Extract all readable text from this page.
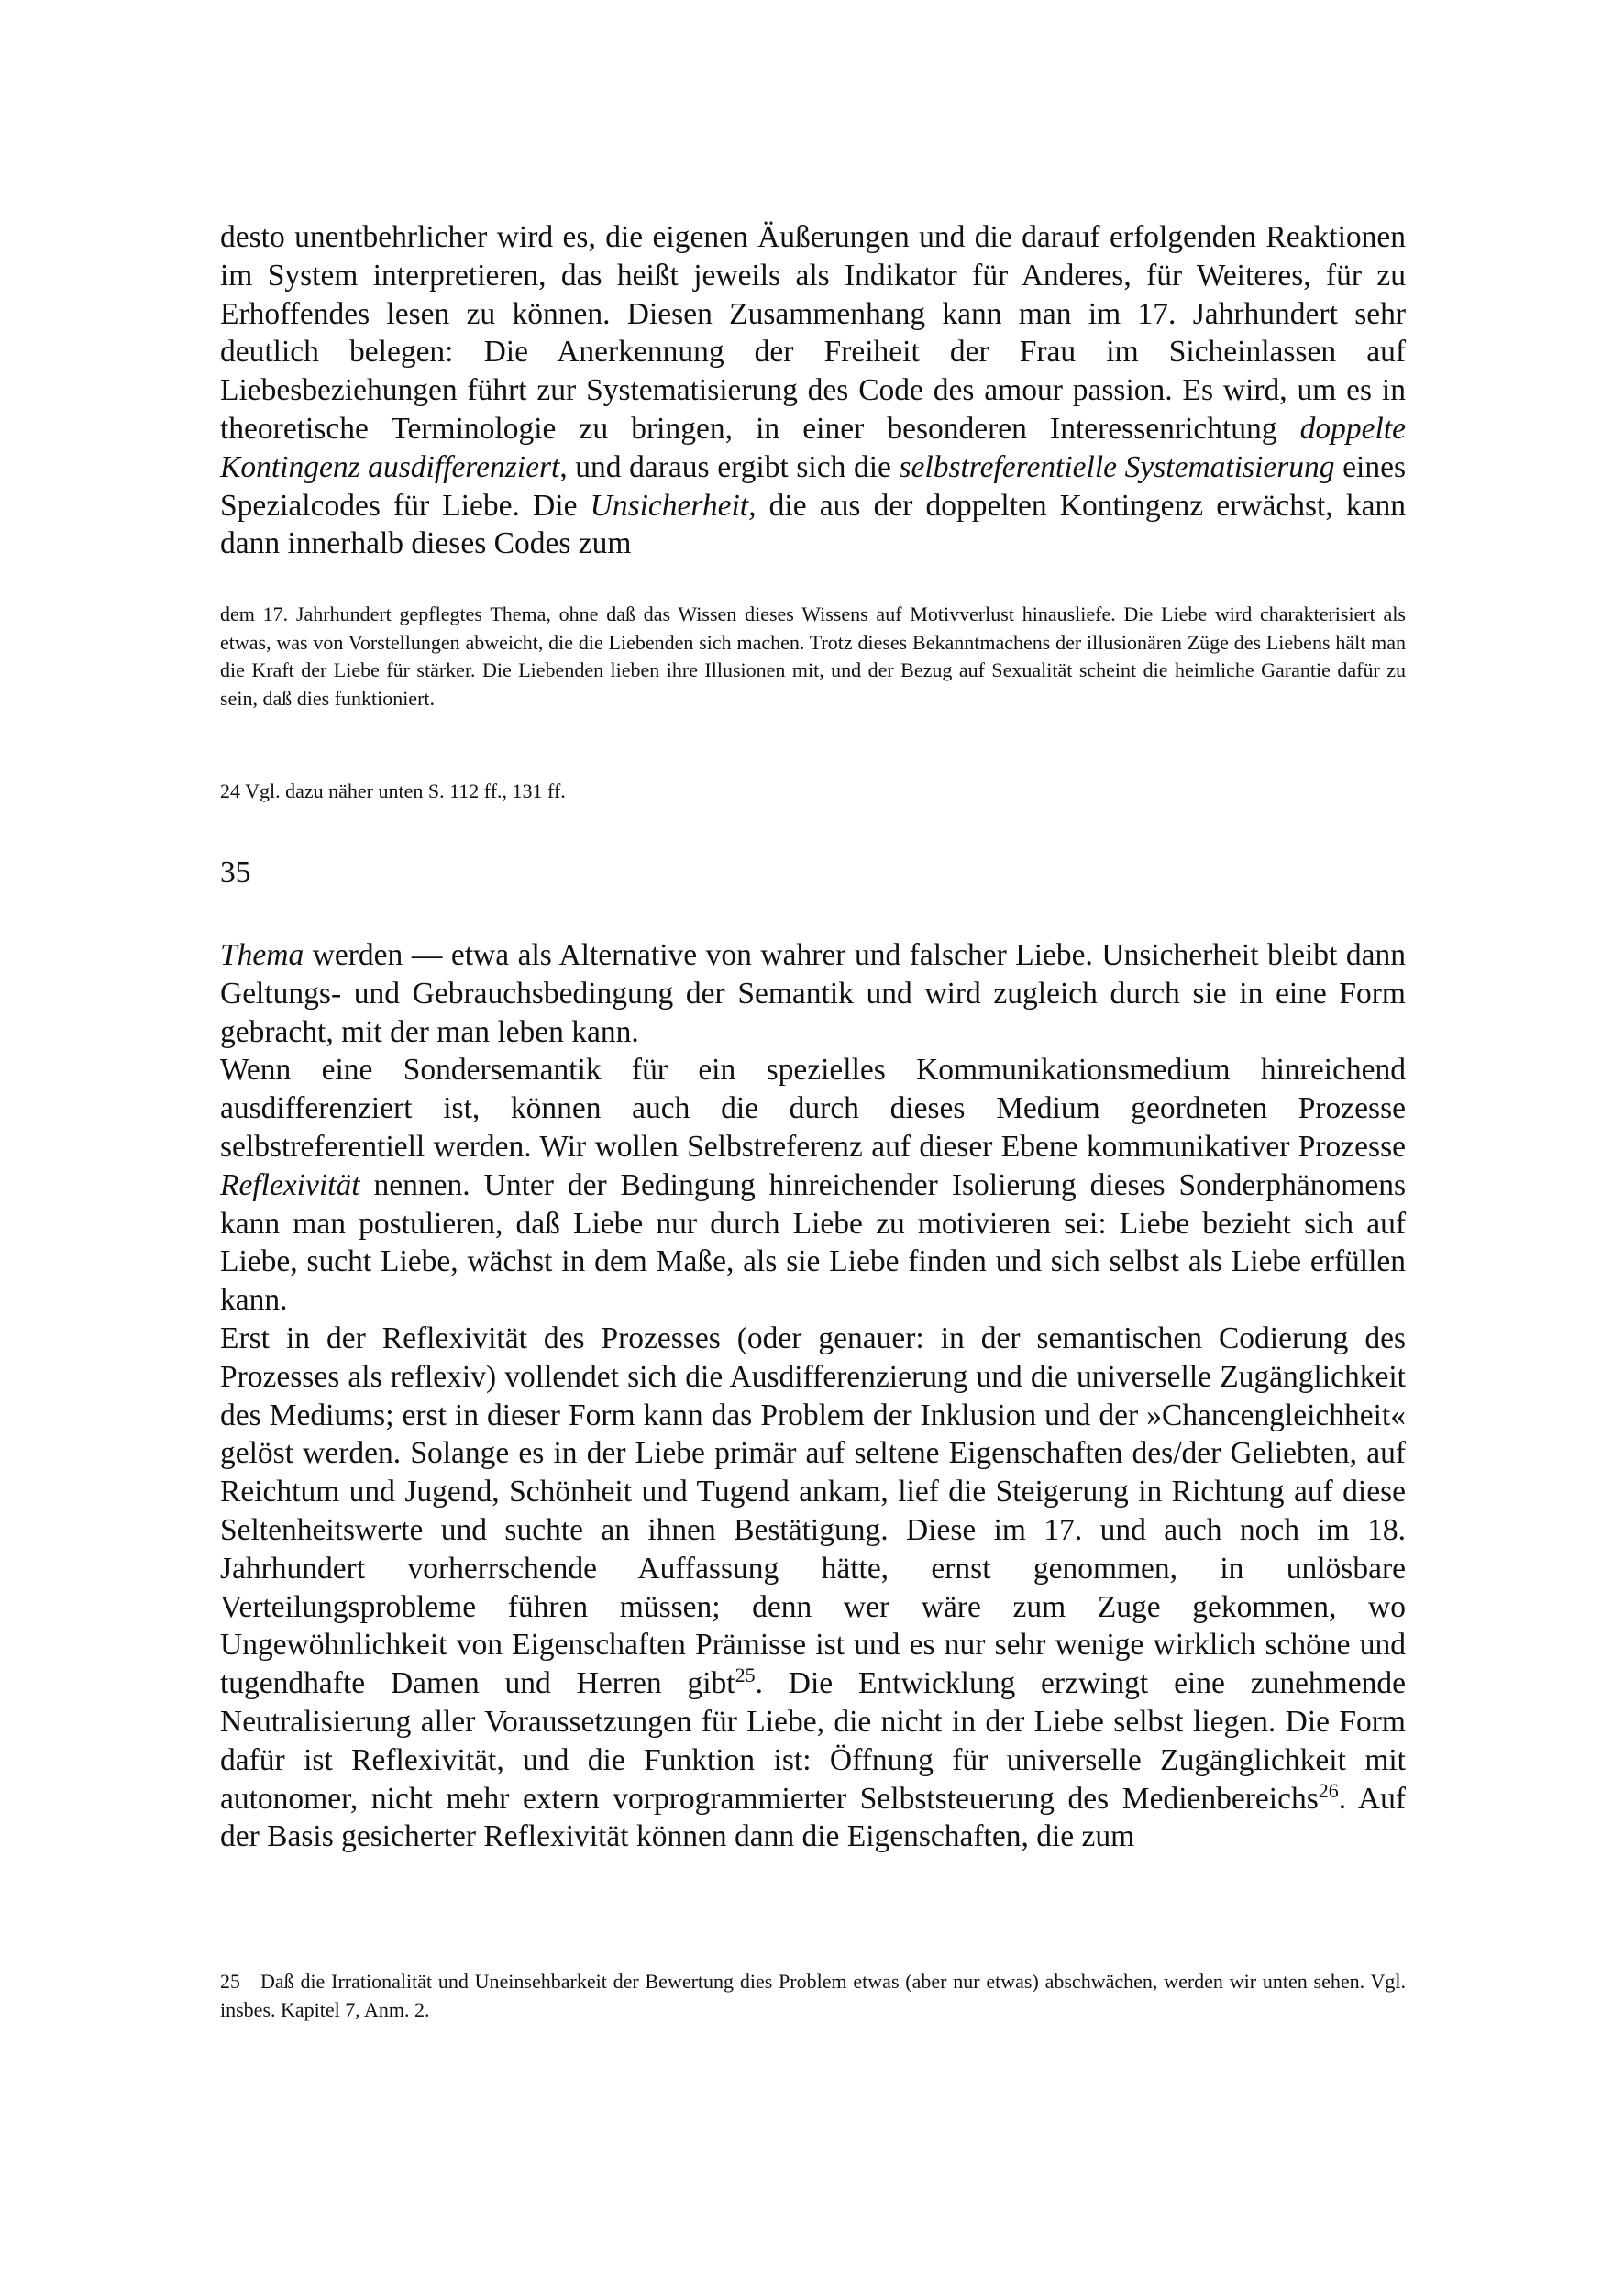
desto unentbehrlicher wird es, die eigenen Äußerungen und die darauf erfolgenden Reaktionen im System interpretieren, das heißt jeweils als Indikator für Anderes, für Weiteres, für zu Erhoffendes lesen zu können. Diesen Zusammenhang kann man im 17. Jahrhundert sehr deutlich belegen: Die Anerkennung der Freiheit der Frau im Sicheinlassen auf Liebesbeziehungen führt zur Systematisierung des Code des amour passion. Es wird, um es in theoretische Terminologie zu bringen, in einer besonderen Interessenrichtung doppelte Kontingenz ausdifferenziert, und daraus ergibt sich die selbstreferentielle Systematisierung eines Spezialcodes für Liebe. Die Unsicherheit, die aus der doppelten Kontingenz erwächst, kann dann innerhalb dieses Codes zum

dem 17. Jahrhundert gepflegtes Thema, ohne daß das Wissen dieses Wissens auf Motivverlust hinausliefe. Die Liebe wird charakterisiert als etwas, was von Vorstellungen abweicht, die die Liebenden sich machen. Trotz dieses Bekanntmachens der illusionären Züge des Liebens hält man die Kraft der Liebe für stärker. Die Liebenden lieben ihre Illusionen mit, und der Bezug auf Sexualität scheint die heimliche Garantie dafür zu sein, daß dies funktioniert.

24 Vgl. dazu näher unten S. 112 ff., 131 ff.

35

Thema werden — etwa als Alternative von wahrer und falscher Liebe. Unsicherheit bleibt dann Geltungs- und Gebrauchsbedingung der Semantik und wird zugleich durch sie in eine Form gebracht, mit der man leben kann.

Wenn eine Sondersemantik für ein spezielles Kommunikationsmedium hinreichend ausdifferenziert ist, können auch die durch dieses Medium geordneten Prozesse selbstreferentiell werden. Wir wollen Selbstreferenz auf dieser Ebene kommunikativer Prozesse Reflexivität nennen. Unter der Bedingung hinreichender Isolierung dieses Sonderphänomens kann man postulieren, daß Liebe nur durch Liebe zu motivieren sei: Liebe bezieht sich auf Liebe, sucht Liebe, wächst in dem Maße, als sie Liebe finden und sich selbst als Liebe erfüllen kann.

Erst in der Reflexivität des Prozesses (oder genauer: in der semantischen Codierung des Prozesses als reflexiv) vollendet sich die Ausdifferenzierung und die universelle Zugänglichkeit des Mediums; erst in dieser Form kann das Problem der Inklusion und der »Chancengleichheit« gelöst werden. Solange es in der Liebe primär auf seltene Eigenschaften des/der Geliebten, auf Reichtum und Jugend, Schönheit und Tugend ankam, lief die Steigerung in Richtung auf diese Seltenheitswerte und suchte an ihnen Bestätigung. Diese im 17. und auch noch im 18. Jahrhundert vorherrschende Auffassung hätte, ernst genommen, in unlösbare Verteilungsprobleme führen müssen; denn wer wäre zum Zuge gekommen, wo Ungewöhnlichkeit von Eigenschaften Prämisse ist und es nur sehr wenige wirklich schöne und tugendhafte Damen und Herren gibt$^{25}$. Die Entwicklung erzwingt eine zunehmende Neutralisierung aller Voraussetzungen für Liebe, die nicht in der Liebe selbst liegen. Die Form dafür ist Reflexivität, und die Funktion ist: Öffnung für universelle Zugänglichkeit mit autonomer, nicht mehr extern vorprogrammierter Selbststeuerung des Medienbereichs$^{26}$. Auf der Basis gesicherter Reflexivität können dann die Eigenschaften, die zum

25 Daß die Irrationalität und Uneinsehbarkeit der Bewertung dies Problem etwas (aber nur etwas) abschwächen, werden wir unten sehen. Vgl. insbes. Kapitel 7, Anm. 2.
